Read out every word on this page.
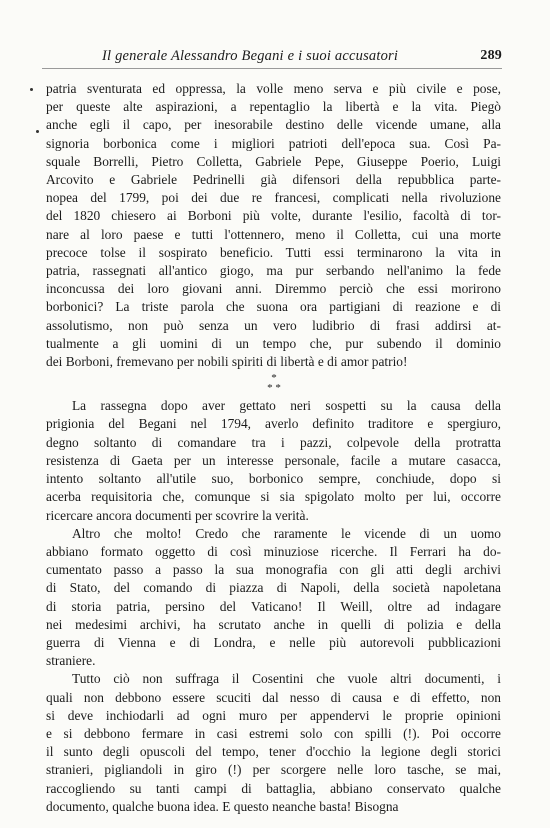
Il generale Alessandro Begani e i suoi accusatori	289
patria sventurata ed oppressa, la volle meno serva e più civile e pose,
per queste alte aspirazioni, a repentaglio la libertà e la vita. Piegò
anche egli il capo, per inesorabile destino delle vicende umane, alla
signoria borbonica come i migliori patrioti dell'epoca sua. Così Pa-
squale Borrelli, Pietro Colletta, Gabriele Pepe, Giuseppe Poerio, Luigi
Arcovito e Gabriele Pedrinelli già difensori della repubblica parte-
nopea del 1799, poi dei due re francesi, complicati nella rivoluzione
del 1820 chiesero ai Borboni più volte, durante l'esilio, facoltà di tor-
nare al loro paese e tutti l'ottennero, meno il Colletta, cui una morte
precoce tolse il sospirato beneficio. Tutti essi terminarono la vita in
patria, rassegnati all'antico giogo, ma pur serbando nell'animo la fede
inconcussa dei loro giovani anni. Diremmo perciò che essi morirono
borbonici? La triste parola che suona ora partigiani di reazione e di
assolutismo, non può senza un vero ludibrio di frasi addirsi at-
tualmente a gli uomini di un tempo che, pur subendo il dominio
dei Borboni, fremevano per nobili spiriti di libertà e di amor patrio!
*
* *
La rassegna dopo aver gettato neri sospetti su la causa della
prigionia del Begani nel 1794, averlo definito traditore e spergiuro,
degno soltanto di comandare tra i pazzi, colpevole della protratta
resistenza di Gaeta per un interesse personale, facile a mutare casacca,
intento soltanto all'utile suo, borbonico sempre, conchiude, dopo si
acerba requisitoria che, comunque si sia spigolato molto per lui, occorre
ricercare ancora documenti per scovrire la verità.
Altro che molto! Credo che raramente le vicende di un uomo
abbiano formato oggetto di così minuziose ricerche. Il Ferrari ha do-
cumentato passo a passo la sua monografia con gli atti degli archivi
di Stato, del comando di piazza di Napoli, della società napoletana
di storia patria, persino del Vaticano! Il Weill, oltre ad indagare
nei medesimi archivi, ha scrutato anche in quelli di polizia e della
guerra di Vienna e di Londra, e nelle più autorevoli pubblicazioni
straniere.
Tutto ciò non suffraga il Cosentini che vuole altri documenti, i
quali non debbono essere scuciti dal nesso di causa e di effetto, non
si deve inchiodarli ad ogni muro per appendervi le proprie opinioni
e si debbono fermare in casi estremi solo con spilli (!). Poi occorre
il sunto degli opuscoli del tempo, tener d'occhio la legione degli storici
stranieri, pigliandoli in giro (!) per scorgere nelle loro tasche, se mai,
raccogliendo su tanti campi di battaglia, abbiano conservato qualche
documento, qualche buona idea. E questo neanche basta! Bisogna
